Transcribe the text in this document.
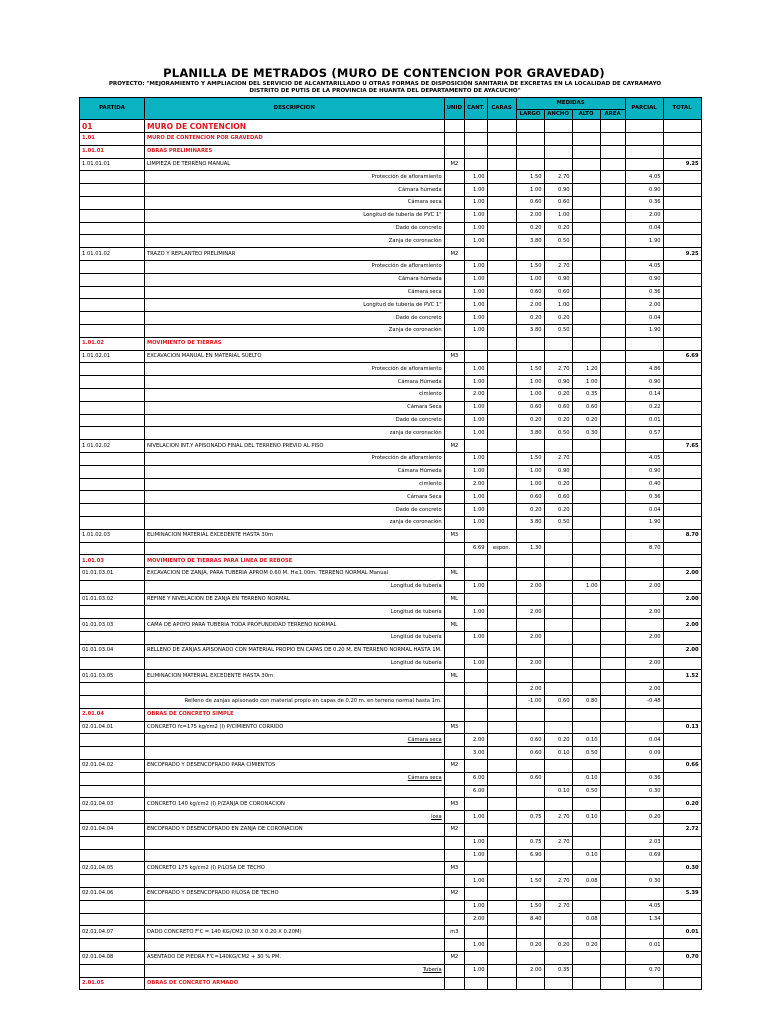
PLANILLA DE METRADOS (MURO DE CONTENCION POR GRAVEDAD)
PROYECTO: "MEJORAMIENTO Y AMPLIACION DEL SERVICIO DE ALCANTARILLADO U OTRAS FORMAS DE DISPOSICIÓN SANITARIA DE EXCRETAS EN LA LOCALIDAD DE CAYRAMAYO
DISTRITO DE PUTIS DE LA PROVINCIA DE HUANTA DEL DEPARTAMENTO DE AYACUCHO"
PARTIDA	DESCRIPCION	UNID	CANT.	CARAS	MEDIDAS				PARCIAL	TOTAL
					LARGO	ANCHO	ALTO	AREA		
01	MURO DE CONTENCION									
1.01	MURO DE CONTENCION POR GRAVEDAD									
1.01.01	OBRAS PRELIMINARES									
1.01.01.01	LIMPIEZA DE TERRENO MANUAL	M2								9.25
	Protección de afloramiento		1.00		1.50	2.70			4.05	
	Cámara húmeda		1.00		1.00	0.90			0.90	
	Cámara seca		1.00		0.60	0.60			0.36	
	Longitud de tubería de PVC 1"		1.00		2.00	1.00			2.00	
	Dado de concreto		1.00		0.20	0.20			0.04	
	Zanja de coronación		1.00		3.80	0.50			1.90	
1.01.01.02	TRAZO Y REPLANTEO PRELIMINAR	M2								9.25
	Protección de afloramiento		1.00		1.50	2.70			4.05	
	Cámara húmeda		1.00		1.00	0.90			0.90	
	Cámara seca		1.00		0.60	0.60			0.36	
	Longitud de tubería de PVC 1"		1.00		2.00	1.00			2.00	
	Dado de concreto		1.00		0.20	0.20			0.04	
	Zanja de coronación		1.00		3.80	0.50			1.90	
1.01.02	MOVIMIENTO DE TIERRAS									
1.01.02.01	EXCAVACION MANUAL EN MATERIAL SUELTO	M3								6.69
	Protección de afloramiento		1.00		1.50	2.70	1.20		4.86	
	Cámara Húmeda		1.00		1.00	0.90	1.00		0.90	
	cimiento		2.00		1.00	0.20	0.35		0.14	
	Cámara Seca		1.00		0.60	0.60	0.60		0.22	
	Dado de concreto		1.00		0.20	0.20	0.20		0.01	
	zanja de coronación		1.00		3.80	0.50	0.30		0.57	
1.01.02.02	NIVELACION INT.Y APISONADO FINAL DEL TERRENO PREVIO AL PISO	M2								7.65
	Protección de afloramiento		1.00		1.50	2.70			4.05	
	Cámara Húmeda		1.00		1.00	0.90			0.90	
	cimiento		2.00		1.00	0.20			0.40	
	Cámara Seca		1.00		0.60	0.60			0.36	
	Dado de concreto		1.00		0.20	0.20			0.04	
	zanja de coronación		1.00		3.80	0.50			1.90	
1.01.02.03	ELIMINACION MATERIAL EXCEDENTE HASTA 30m	M3								8.70
			6.69	espon.	1.30				8.70	
1.01.03	MOVIMIENTO DE TIERRAS PARA LINEA DE REBOSE									
01.01.03.01	EXCAVACION DE ZANJA, PARA TUBERIA APROM 0.60 M. H≤1.00m. TERRENO NORMAL Manual	ML								2.00
	Longitud de tubería		1.00		2.00		1.00		2.00	
01.01.03.02	REFINE Y NIVELACION DE ZANJA EN TERRENO NORMAL	ML								2.00
	Longitud de tubería		1.00		2.00				2.00	
01.01.03.03	CAMA DE APOYO PARA TUBERIA TODA PROFUNDIDAD TERRENO NORMAL	ML								2.00
	Longitud de tubería		1.00		2.00				2.00	
01.01.03.04	RELLENO DE ZANJAS APISONADO CON MATERIAL PROPIO EN CAPAS DE 0.20 M. EN TERRENO NORMAL HASTA 1M.									2.00
	Longitud de tubería		1.00		2.00				2.00	
01.01.03.05	ELIMINACION MATERIAL EXCEDENTE HASTA 30m	ML								1.52
					2.00				2.00	
	Relleno de zanjas apisonado con material propio en capas de 0.20 m. en terreno normal hasta 1m.				-1.00	0.60	0.80		-0.48	
2.01.04	OBRAS DE CONCRETO SIMPLE									
02.01.04.01	CONCRETO fc=175 kg/cm2 (I) P/CIMIENTO CORRIDO	M3								0.13
	Cámara seca		2.00		0.60	0.20	0.10		0.04	
			3.00		0.60	0.10	0.50		0.09	
02.01.04.02	ENCOFRADO Y DESENCOFRADO PARA CIMIENTOS	M2								0.66
	Cámara seca		6.00		0.60		0.10		0.36	
			6.00			0.10	0.50		0.30	
02.01.04.03	CONCRETO 140 kg/cm2 (I) P/ZANJA DE CORONACION	M3								0.20
	losa		1.00		0.75	2.70	0.10		0.20	
02.01.04.04	ENCOFRADO Y DESENCOFRADO EN ZANJA DE CORONACION	M2								2.72
			1.00		0.75	2.70			2.03	
			1.00		6.90		0.10		0.69	
02.01.04.05	CONCRETO 175 kg/cm2 (I) P/LOSA DE TECHO	M3								0.30
			1.00		1.50	2.70	0.08		0.30	
02.01.04.06	ENCOFRADO Y DESENCOFRADO P/LOSA DE TECHO	M2								5.39
			1.00		1.50	2.70			4.05	
			2.00		8.40		0.08		1.34	
02.01.04.07	DADO CONCRETO F'C = 140 KG/CM2 (0.30 X 0.20 X 0.20M)	m3								0.01
			1.00		0.20	0.20	0.20		0.01	
02.01.04.08	ASENTADO DE PIEDRA F'C=140KG/CM2 + 30 % PM.	M2								0.70
	Tubería		1.00		2.00	0.35			0.70	
2.01.05	OBRAS DE CONCRETO ARMADO									
